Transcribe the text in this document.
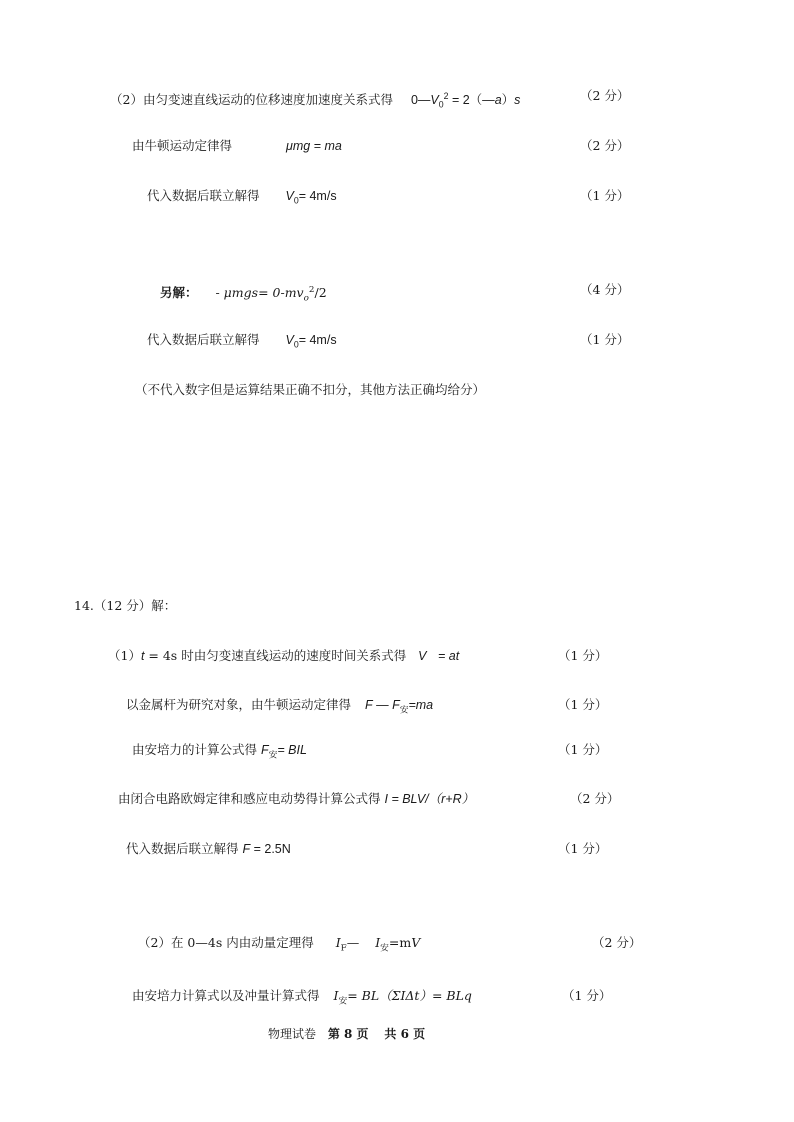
（2）由匀变速直线运动的位移速度加速度关系式得 $0—V_0^2$ = 2（—a）s	（2 分）
由牛顿运动定律得	μmg = ma	（2 分）
代入数据后联立解得 $V_0= 4m/s$	（1 分）
另解： - $\mu mgs= 0-mv_o^2/2$	（4 分）
代入数据后联立解得 $V_0= 4m/s$	（1 分）
（不代入数字但是运算结果正确不扣分，其他方法正确均给分）
14.（12 分）解：
（1）t = 4s 时由匀变速直线运动的速度时间关系式得 V = at	（1 分）
以金属杆为研究对象，由牛顿运动定律得 F — $F_安=ma$	（1 分）
由安培力的计算公式得 $F_安=$ BIL	（1 分）
由闭合电路欧姆定律和感应电动势得计算公式得 I = BLV/（r+R）	（2 分）
代入数据后联立解得 F = 2.5N	（1 分）
（2）在 0—4s 内由动量定理得 $I_F—$ $I_安=mV$	（2 分）
由安培力计算式以及冲量计算式得 $I_安= BL(\Sigma I\Delta t)=$ BLq	（1 分）
物理试卷 第 8 页 共 6 页
